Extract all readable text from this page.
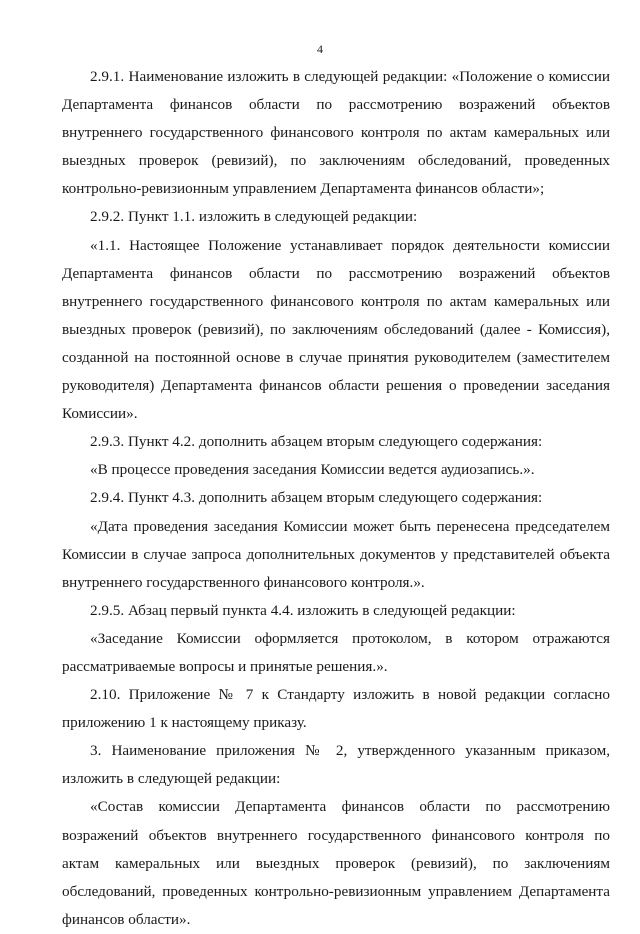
4

2.9.1. Наименование изложить в следующей редакции: «Положение о комиссии Департамента финансов области по рассмотрению возражений объектов внутреннего государственного финансового контроля по актам камеральных или выездных проверок (ревизий), по заключениям обследований, проведенных контрольно-ревизионным управлением Департамента финансов области»;

2.9.2. Пункт 1.1. изложить в следующей редакции:

«1.1. Настоящее Положение устанавливает порядок деятельности комиссии Департамента финансов области по рассмотрению возражений объектов внутреннего государственного финансового контроля по актам камеральных или выездных проверок (ревизий), по заключениям обследований (далее - Комиссия), созданной на постоянной основе в случае принятия руководителем (заместителем руководителя) Департамента финансов области решения о проведении заседания Комиссии».

2.9.3. Пункт 4.2. дополнить абзацем вторым следующего содержания:

«В процессе проведения заседания Комиссии ведется аудиозапись.».

2.9.4. Пункт 4.3. дополнить абзацем вторым следующего содержания:

«Дата проведения заседания Комиссии может быть перенесена председателем Комиссии в случае запроса дополнительных документов у представителей объекта внутреннего государственного финансового контроля.».

2.9.5. Абзац первый пункта 4.4. изложить в следующей редакции:

«Заседание Комиссии оформляется протоколом, в котором отражаются рассматриваемые вопросы и принятые решения.».

2.10. Приложение № 7 к Стандарту изложить в новой редакции согласно приложению 1 к настоящему приказу.

3. Наименование приложения № 2, утвержденного указанным приказом, изложить в следующей редакции:

«Состав комиссии Департамента финансов области по рассмотрению возражений объектов внутреннего государственного финансового контроля по актам камеральных или выездных проверок (ревизий), по заключениям обследований, проведенных контрольно-ревизионным управлением Департамента финансов области».
